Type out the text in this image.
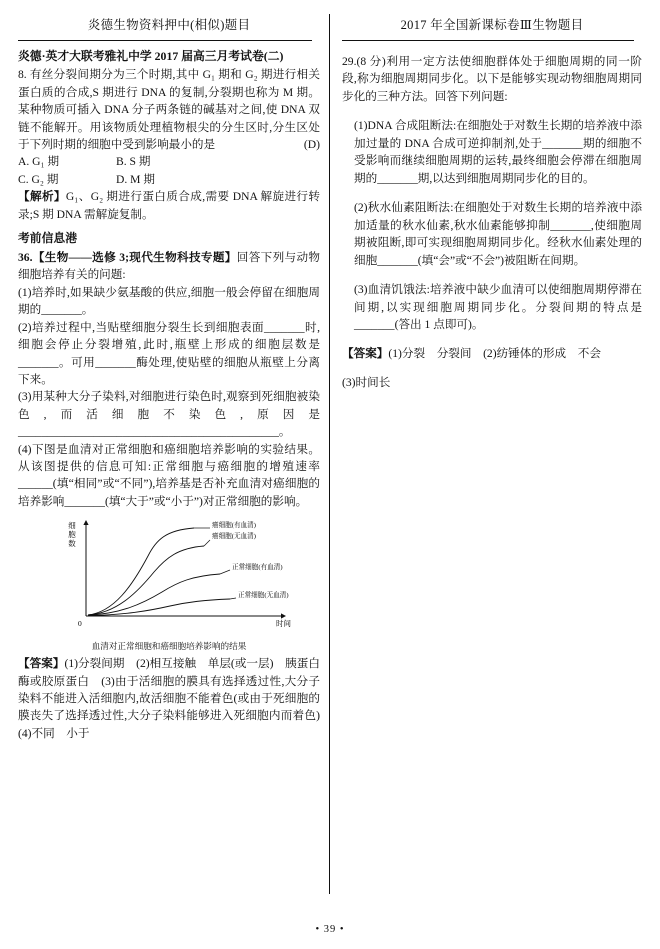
炎德生物资料押中(相似)题目
炎德·英才大联考雅礼中学 2017 届高三月考试卷(二)

8. 有丝分裂间期分为三个时期,其中 G₁ 期和 G₂ 期进行相关蛋白质的合成,S 期进行 DNA 的复制,分裂期也称为 M 期。某种物质可插入 DNA 分子两条链的碱基对之间,使 DNA 双链不能解开。用该物质处理植物根尖的分生区时,分生区处于下列时期的细胞中受到影响最小的是	(D)

A. G₁ 期	B. S 期
C. G₂ 期	D. M 期

【解析】G₁、G₂ 期进行蛋白质合成,需要 DNA 解旋进行转录;S 期 DNA 需解旋复制。

考前信息港

36.【生物——选修 3;现代生物科技专题】回答下列与动物细胞培养有关的问题:

(1)培养时,如果缺少氨基酸的供应,细胞一般会停留在细胞周期的_______。

(2)培养过程中,当贴壁细胞分裂生长到细胞表面_______时,细胞会停止分裂增殖,此时,瓶壁上形成的细胞层数是_______。可用_______酶处理,使贴壁的细胞从瓶壁上分离下来。

(3)用某种大分子染料,对细胞进行染色时,观察到死细胞被染色,而活细胞不染色,原因是_____________________________________________。

(4)下图是血清对正常细胞和癌细胞培养影响的实验结果。从该图提供的信息可知:正常细胞与癌细胞的增殖速率______(填“相同”或“不同”),培养基是否补充血清对癌细胞的培养影响_______(填“大于”或“小于”)对正常细胞的影响。

细
胞
数
癌细胞(有血清)
癌细胞(无血清)
正常细胞(有血清)
正常细胞(无血清)
0	时间
血清对正常细胞和癌细胞培养影响的结果

【答案】(1)分裂间期　(2)相互接触　单层(或一层)　胰蛋白酶或胶原蛋白　(3)由于活细胞的膜具有选择透过性,大分子染料不能进入活细胞内,故活细胞不能着色(或由于死细胞的膜丧失了选择透过性,大分子染料能够进入死细胞内而着色)　(4)不同　小于

2017 年全国新课标卷Ⅲ生物题目

29.(8 分)利用一定方法使细胞群体处于细胞周期的同一阶段,称为细胞周期同步化。以下是能够实现动物细胞周期同步化的三种方法。回答下列问题:

(1)DNA 合成阻断法:在细胞处于对数生长期的培养液中添加过量的 DNA 合成可逆抑制剂,处于_______期的细胞不受影响而继续细胞周期的运转,最终细胞会停滞在细胞周期的_______期,以达到细胞周期同步化的目的。

(2)秋水仙素阻断法:在细胞处于对数生长期的培养液中添加适量的秋水仙素,秋水仙素能够抑制_______,使细胞周期被阻断,即可实现细胞周期同步化。经秋水仙素处理的细胞_______(填“会”或“不会”)被阻断在间期。

(3)血清饥饿法:培养液中缺少血清可以使细胞周期停滞在间期,以实现细胞周期同步化。分裂间期的特点是_______(答出 1 点即可)。

【答案】(1)分裂　分裂间　(2)纺锤体的形成　不会

(3)时间长

• 39 •
